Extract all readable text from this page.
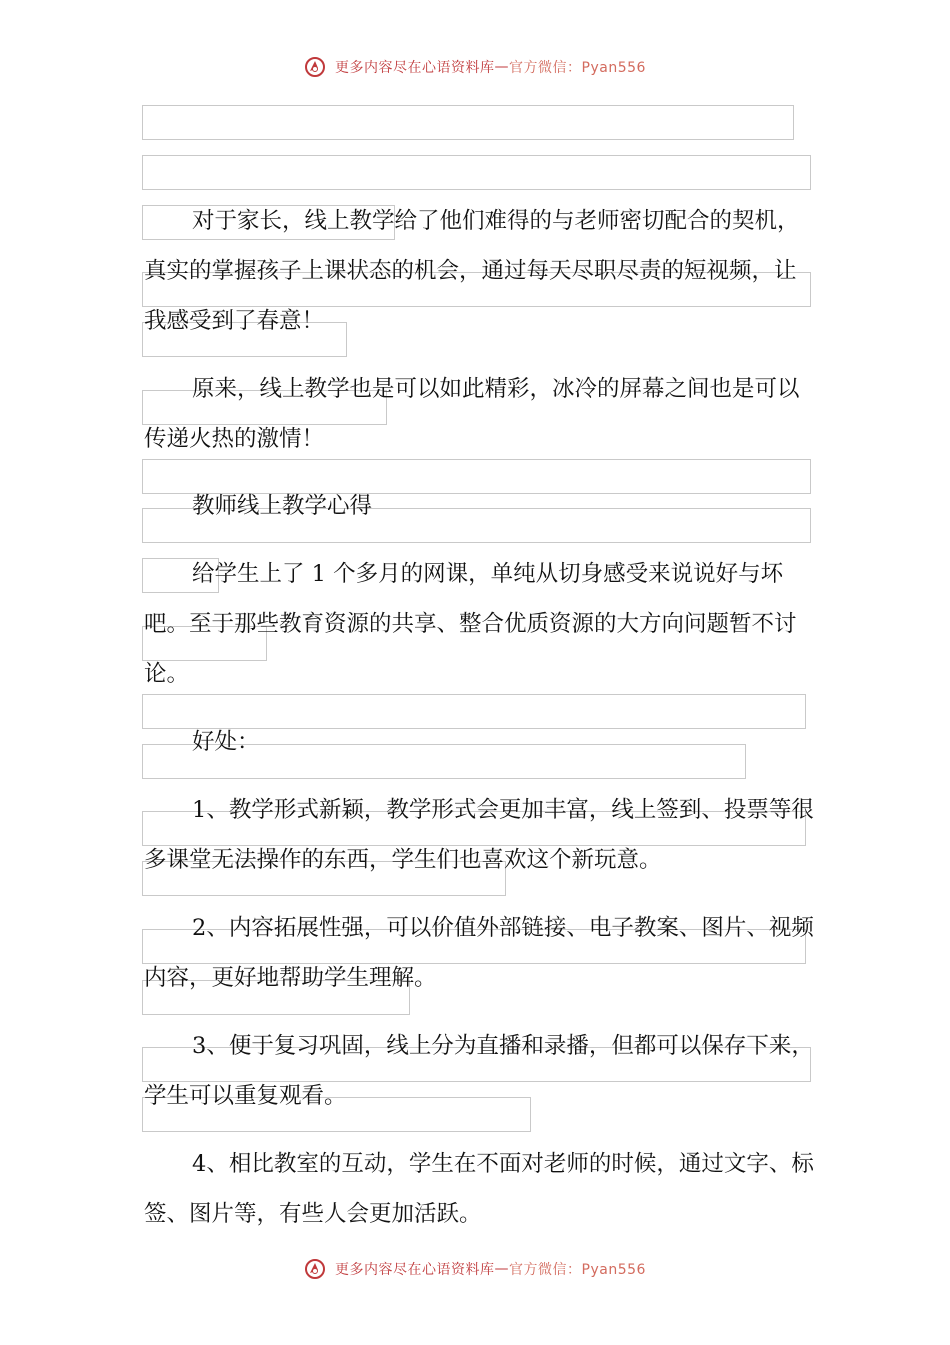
更多内容尽在心语资料库—官方微信：Pyan556

对于家长，线上教学给了他们难得的与老师密切配合的契机，真实的掌握孩子上课状态的机会，通过每天尽职尽责的短视频，让我感受到了春意！

原来，线上教学也是可以如此精彩，冰冷的屏幕之间也是可以传递火热的激情！

教师线上教学心得

给学生上了 1 个多月的网课，单纯从切身感受来说说好与坏吧。至于那些教育资源的共享、整合优质资源的大方向问题暂不讨论。

好处：

1、教学形式新颖，教学形式会更加丰富，线上签到、投票等很多课堂无法操作的东西，学生们也喜欢这个新玩意。

2、内容拓展性强，可以价值外部链接、电子教案、图片、视频内容，更好地帮助学生理解。

3、便于复习巩固，线上分为直播和录播，但都可以保存下来，学生可以重复观看。

4、相比教室的互动，学生在不面对老师的时候，通过文字、标签、图片等，有些人会更加活跃。

更多内容尽在心语资料库—官方微信：Pyan556
